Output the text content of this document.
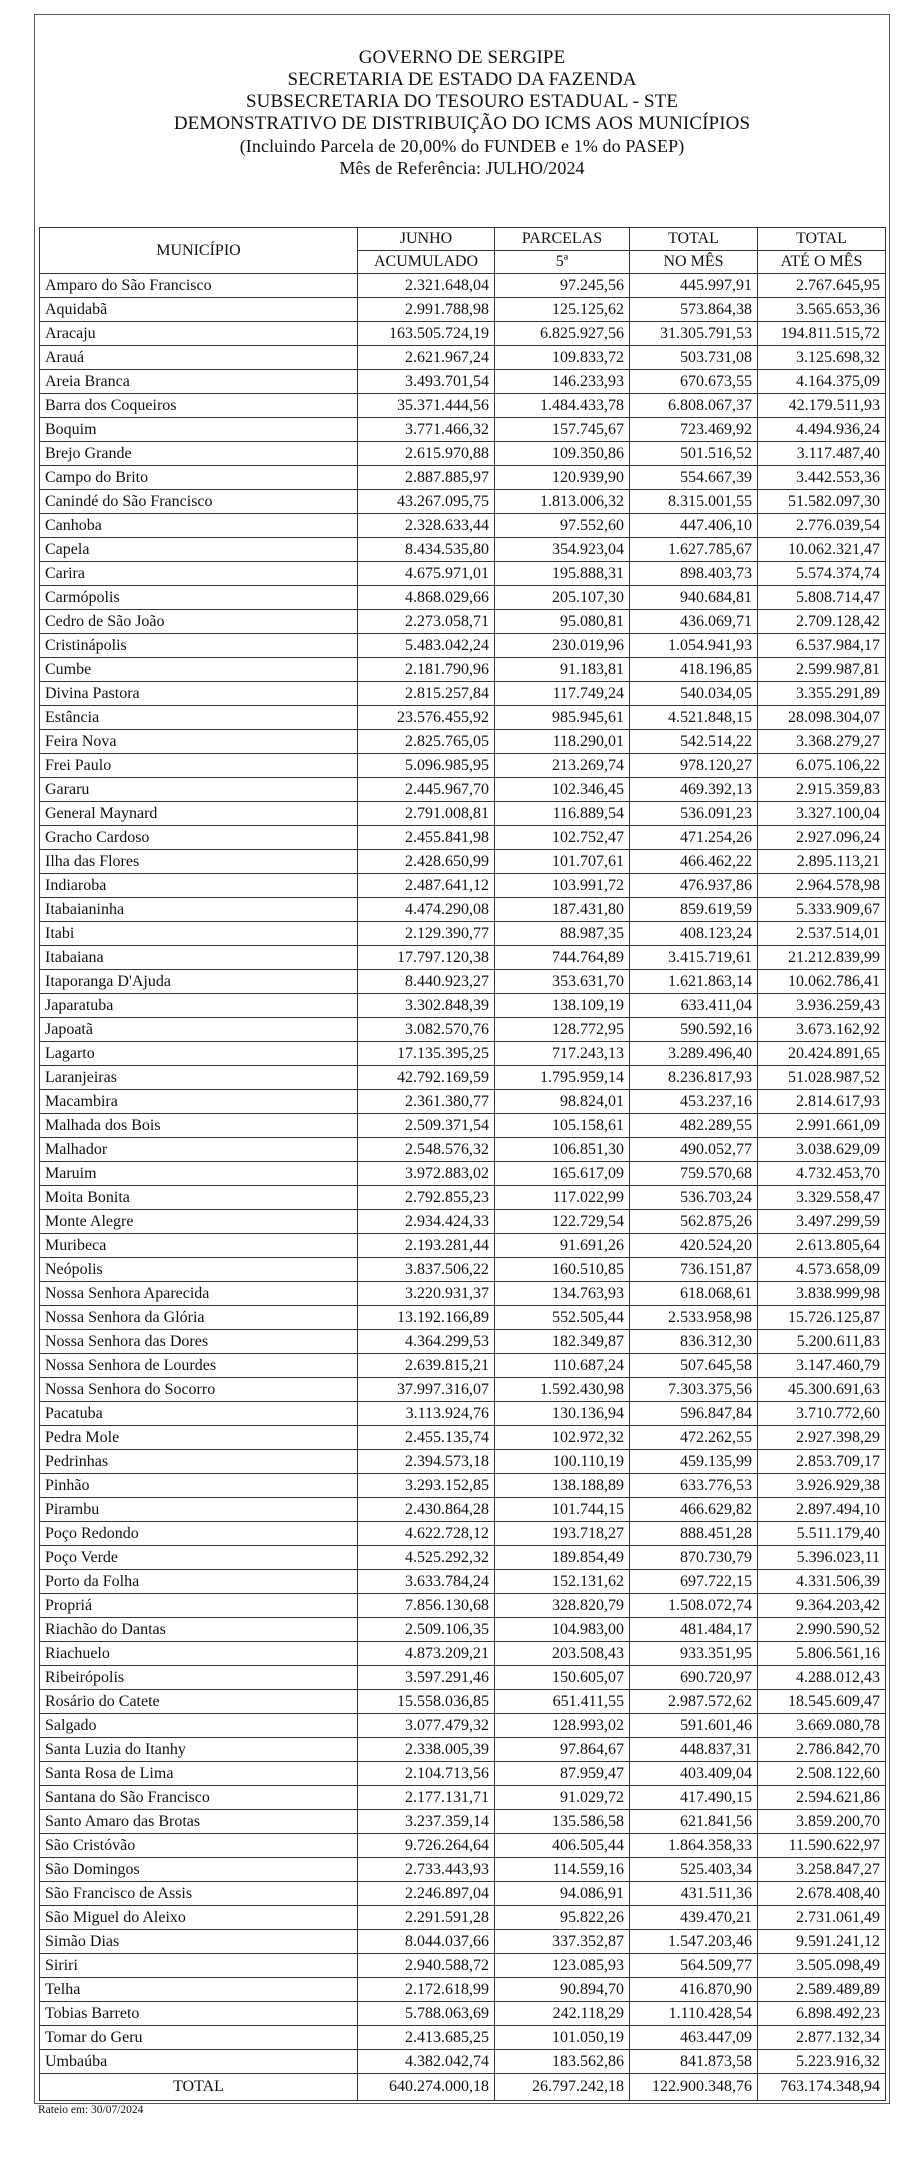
GOVERNO DE SERGIPE
SECRETARIA DE ESTADO DA FAZENDA
SUBSECRETARIA DO TESOURO ESTADUAL - STE
DEMONSTRATIVO DE DISTRIBUIÇÃO DO ICMS AOS MUNICÍPIOS
(Incluindo Parcela de 20,00% do FUNDEB e 1% do PASEP)
Mês de Referência: JULHO/2024
MUNICÍPIO	JUNHO	PARCELAS	TOTAL	TOTAL
	ACUMULADO	5ª	NO MÊS	ATÉ O MÊS
Amparo do São Francisco	2.321.648,04	97.245,56	445.997,91	2.767.645,95
Aquidabã	2.991.788,98	125.125,62	573.864,38	3.565.653,36
Aracaju	163.505.724,19	6.825.927,56	31.305.791,53	194.811.515,72
Arauá	2.621.967,24	109.833,72	503.731,08	3.125.698,32
Areia Branca	3.493.701,54	146.233,93	670.673,55	4.164.375,09
Barra dos Coqueiros	35.371.444,56	1.484.433,78	6.808.067,37	42.179.511,93
Boquim	3.771.466,32	157.745,67	723.469,92	4.494.936,24
Brejo Grande	2.615.970,88	109.350,86	501.516,52	3.117.487,40
Campo do Brito	2.887.885,97	120.939,90	554.667,39	3.442.553,36
Canindé do São Francisco	43.267.095,75	1.813.006,32	8.315.001,55	51.582.097,30
Canhoba	2.328.633,44	97.552,60	447.406,10	2.776.039,54
Capela	8.434.535,80	354.923,04	1.627.785,67	10.062.321,47
Carira	4.675.971,01	195.888,31	898.403,73	5.574.374,74
Carmópolis	4.868.029,66	205.107,30	940.684,81	5.808.714,47
Cedro de São João	2.273.058,71	95.080,81	436.069,71	2.709.128,42
Cristinápolis	5.483.042,24	230.019,96	1.054.941,93	6.537.984,17
Cumbe	2.181.790,96	91.183,81	418.196,85	2.599.987,81
Divina Pastora	2.815.257,84	117.749,24	540.034,05	3.355.291,89
Estância	23.576.455,92	985.945,61	4.521.848,15	28.098.304,07
Feira Nova	2.825.765,05	118.290,01	542.514,22	3.368.279,27
Frei Paulo	5.096.985,95	213.269,74	978.120,27	6.075.106,22
Gararu	2.445.967,70	102.346,45	469.392,13	2.915.359,83
General Maynard	2.791.008,81	116.889,54	536.091,23	3.327.100,04
Gracho Cardoso	2.455.841,98	102.752,47	471.254,26	2.927.096,24
Ilha das Flores	2.428.650,99	101.707,61	466.462,22	2.895.113,21
Indiaroba	2.487.641,12	103.991,72	476.937,86	2.964.578,98
Itabaianinha	4.474.290,08	187.431,80	859.619,59	5.333.909,67
Itabi	2.129.390,77	88.987,35	408.123,24	2.537.514,01
Itabaiana	17.797.120,38	744.764,89	3.415.719,61	21.212.839,99
Itaporanga D'Ajuda	8.440.923,27	353.631,70	1.621.863,14	10.062.786,41
Japaratuba	3.302.848,39	138.109,19	633.411,04	3.936.259,43
Japoatã	3.082.570,76	128.772,95	590.592,16	3.673.162,92
Lagarto	17.135.395,25	717.243,13	3.289.496,40	20.424.891,65
Laranjeiras	42.792.169,59	1.795.959,14	8.236.817,93	51.028.987,52
Macambira	2.361.380,77	98.824,01	453.237,16	2.814.617,93
Malhada dos Bois	2.509.371,54	105.158,61	482.289,55	2.991.661,09
Malhador	2.548.576,32	106.851,30	490.052,77	3.038.629,09
Maruim	3.972.883,02	165.617,09	759.570,68	4.732.453,70
Moita Bonita	2.792.855,23	117.022,99	536.703,24	3.329.558,47
Monte Alegre	2.934.424,33	122.729,54	562.875,26	3.497.299,59
Muribeca	2.193.281,44	91.691,26	420.524,20	2.613.805,64
Neópolis	3.837.506,22	160.510,85	736.151,87	4.573.658,09
Nossa Senhora Aparecida	3.220.931,37	134.763,93	618.068,61	3.838.999,98
Nossa Senhora da Glória	13.192.166,89	552.505,44	2.533.958,98	15.726.125,87
Nossa Senhora das Dores	4.364.299,53	182.349,87	836.312,30	5.200.611,83
Nossa Senhora de Lourdes	2.639.815,21	110.687,24	507.645,58	3.147.460,79
Nossa Senhora do Socorro	37.997.316,07	1.592.430,98	7.303.375,56	45.300.691,63
Pacatuba	3.113.924,76	130.136,94	596.847,84	3.710.772,60
Pedra Mole	2.455.135,74	102.972,32	472.262,55	2.927.398,29
Pedrinhas	2.394.573,18	100.110,19	459.135,99	2.853.709,17
Pinhão	3.293.152,85	138.188,89	633.776,53	3.926.929,38
Pirambu	2.430.864,28	101.744,15	466.629,82	2.897.494,10
Poço Redondo	4.622.728,12	193.718,27	888.451,28	5.511.179,40
Poço Verde	4.525.292,32	189.854,49	870.730,79	5.396.023,11
Porto da Folha	3.633.784,24	152.131,62	697.722,15	4.331.506,39
Propriá	7.856.130,68	328.820,79	1.508.072,74	9.364.203,42
Riachão do Dantas	2.509.106,35	104.983,00	481.484,17	2.990.590,52
Riachuelo	4.873.209,21	203.508,43	933.351,95	5.806.561,16
Ribeirópolis	3.597.291,46	150.605,07	690.720,97	4.288.012,43
Rosário do Catete	15.558.036,85	651.411,55	2.987.572,62	18.545.609,47
Salgado	3.077.479,32	128.993,02	591.601,46	3.669.080,78
Santa Luzia do Itanhy	2.338.005,39	97.864,67	448.837,31	2.786.842,70
Santa Rosa de Lima	2.104.713,56	87.959,47	403.409,04	2.508.122,60
Santana do São Francisco	2.177.131,71	91.029,72	417.490,15	2.594.621,86
Santo Amaro das Brotas	3.237.359,14	135.586,58	621.841,56	3.859.200,70
São Cristóvão	9.726.264,64	406.505,44	1.864.358,33	11.590.622,97
São Domingos	2.733.443,93	114.559,16	525.403,34	3.258.847,27
São Francisco de Assis	2.246.897,04	94.086,91	431.511,36	2.678.408,40
São Miguel do Aleixo	2.291.591,28	95.822,26	439.470,21	2.731.061,49
Simão Dias	8.044.037,66	337.352,87	1.547.203,46	9.591.241,12
Siriri	2.940.588,72	123.085,93	564.509,77	3.505.098,49
Telha	2.172.618,99	90.894,70	416.870,90	2.589.489,89
Tobias Barreto	5.788.063,69	242.118,29	1.110.428,54	6.898.492,23
Tomar do Geru	2.413.685,25	101.050,19	463.447,09	2.877.132,34
Umbaúba	4.382.042,74	183.562,86	841.873,58	5.223.916,32
TOTAL	640.274.000,18	26.797.242,18	122.900.348,76	763.174.348,94
Rateio em: 30/07/2024
